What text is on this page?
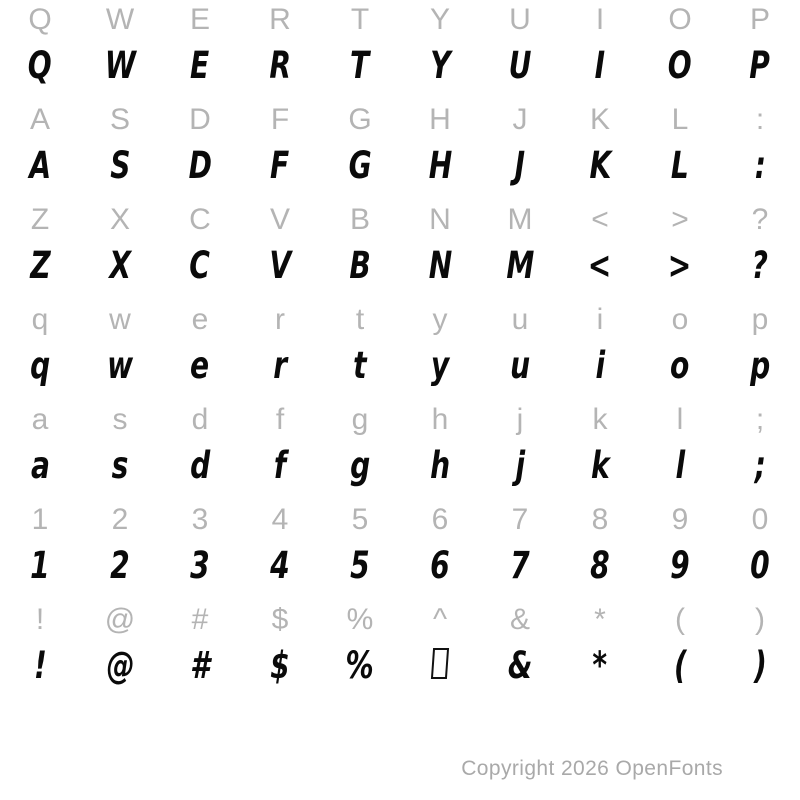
Q W E R T Y U I O P
Q W E R T Y U I O P
A S D F G H J K L :
A S D F G H J K L :
Z X C V B N M < > ?
Z X C V B N M < > ?
q w e r t y u i o p
q w e r t y u i o p
a s d f g h j k l ;
a s d f g h j k l ;
1 2 3 4 5 6 7 8 9 0
1 2 3 4 5 6 7 8 9 0
! @ # $ % ^ & * ( )
! @ # $ %	& * ( )
Copyright 2026 OpenFonts
